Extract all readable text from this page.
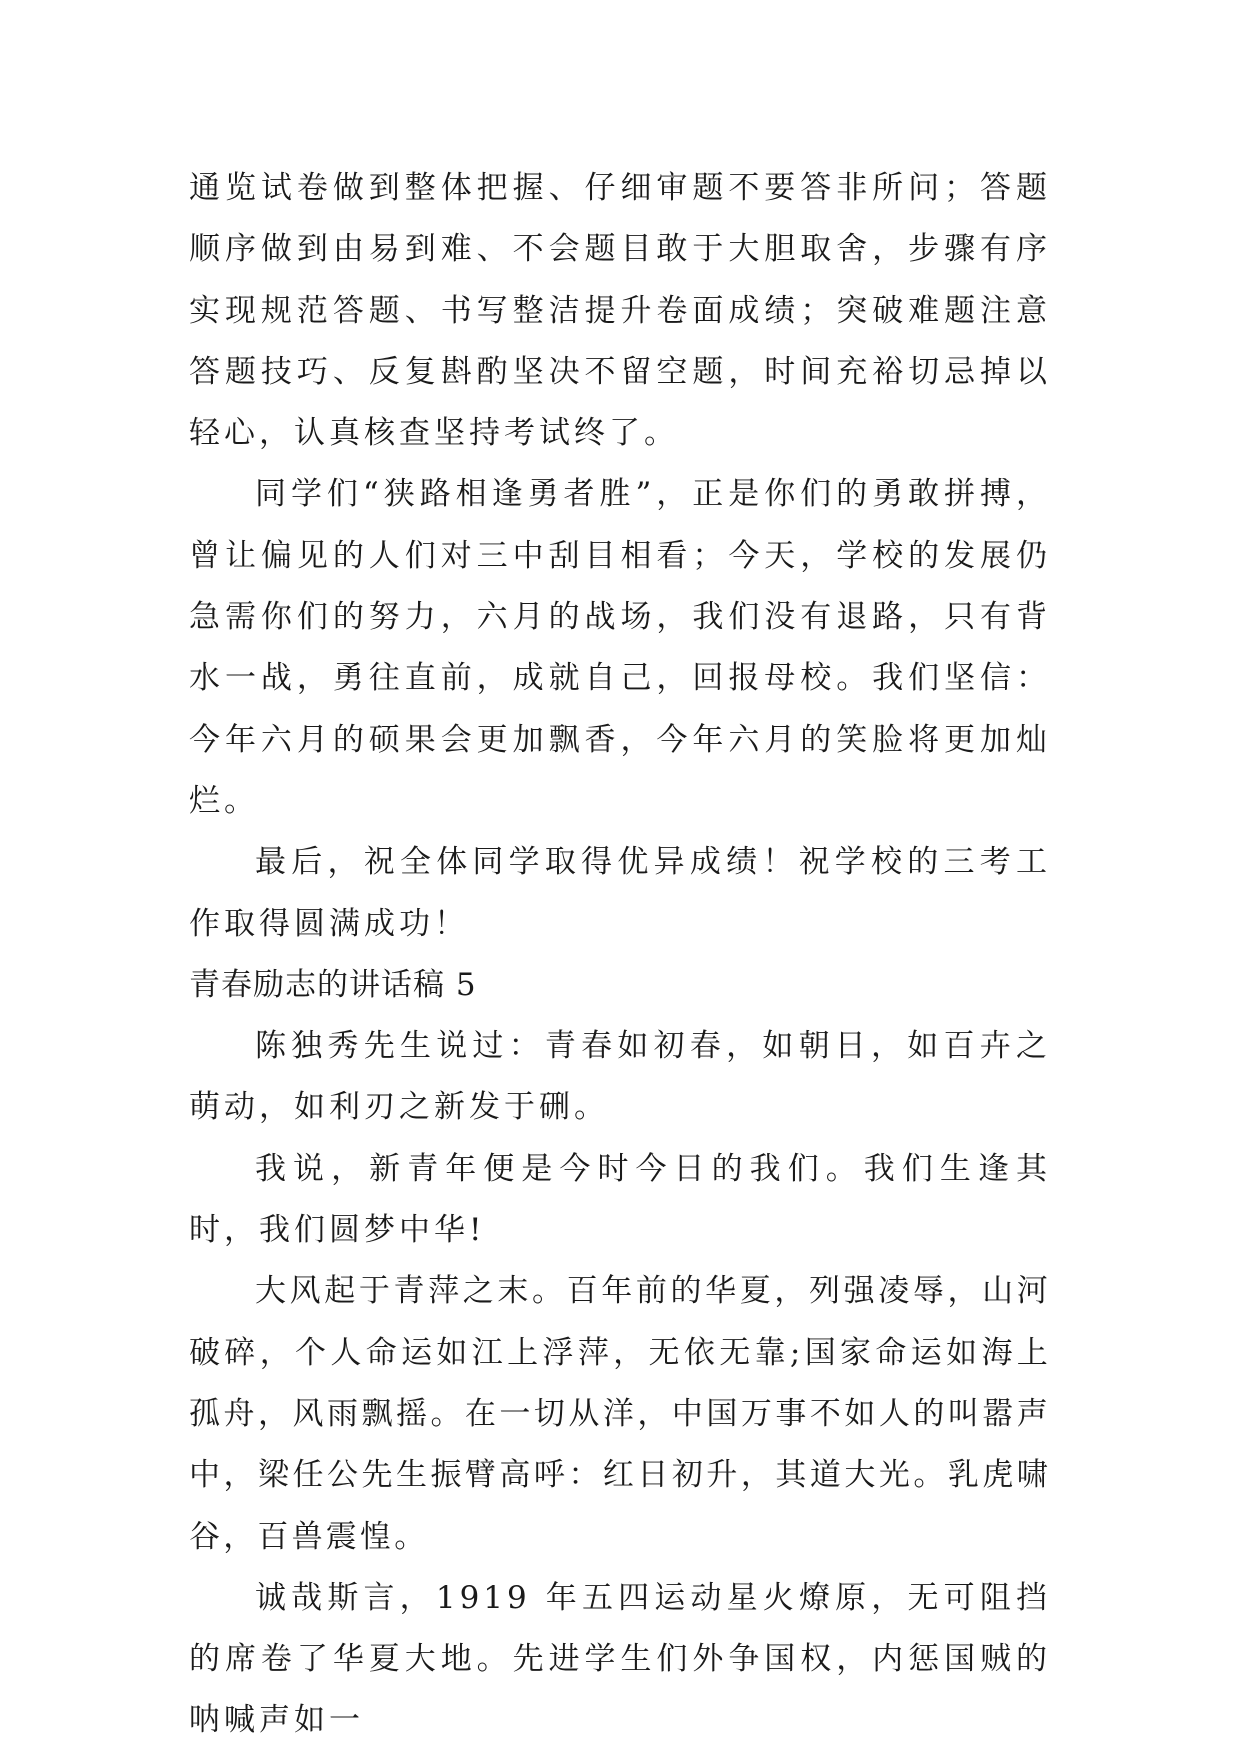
通览试卷做到整体把握、仔细审题不要答非所问；答题顺序做到由易到难、不会题目敢于大胆取舍，步骤有序实现规范答题、书写整洁提升卷面成绩；突破难题注意答题技巧、反复斟酌坚决不留空题，时间充裕切忌掉以轻心，认真核查坚持考试终了。

同学们“狭路相逢勇者胜”，正是你们的勇敢拼搏，曾让偏见的人们对三中刮目相看；今天，学校的发展仍急需你们的努力，六月的战场，我们没有退路，只有背水一战，勇往直前，成就自己，回报母校。我们坚信：今年六月的硕果会更加飘香，今年六月的笑脸将更加灿烂。

最后，祝全体同学取得优异成绩！祝学校的三考工作取得圆满成功！

青春励志的讲话稿 5

陈独秀先生说过：青春如初春，如朝日，如百卉之萌动，如利刃之新发于硎。

我说，新青年便是今时今日的我们。我们生逢其时，我们圆梦中华!

大风起于青萍之末。百年前的华夏，列强凌辱，山河破碎，个人命运如江上浮萍，无依无靠;国家命运如海上孤舟，风雨飘摇。在一切从洋，中国万事不如人的叫嚣声中，梁任公先生振臂高呼：红日初升，其道大光。乳虎啸谷，百兽震惶。

诚哉斯言，1919 年五四运动星火燎原，无可阻挡的席卷了华夏大地。先进学生们外争国权，内惩国贼的呐喊声如一
